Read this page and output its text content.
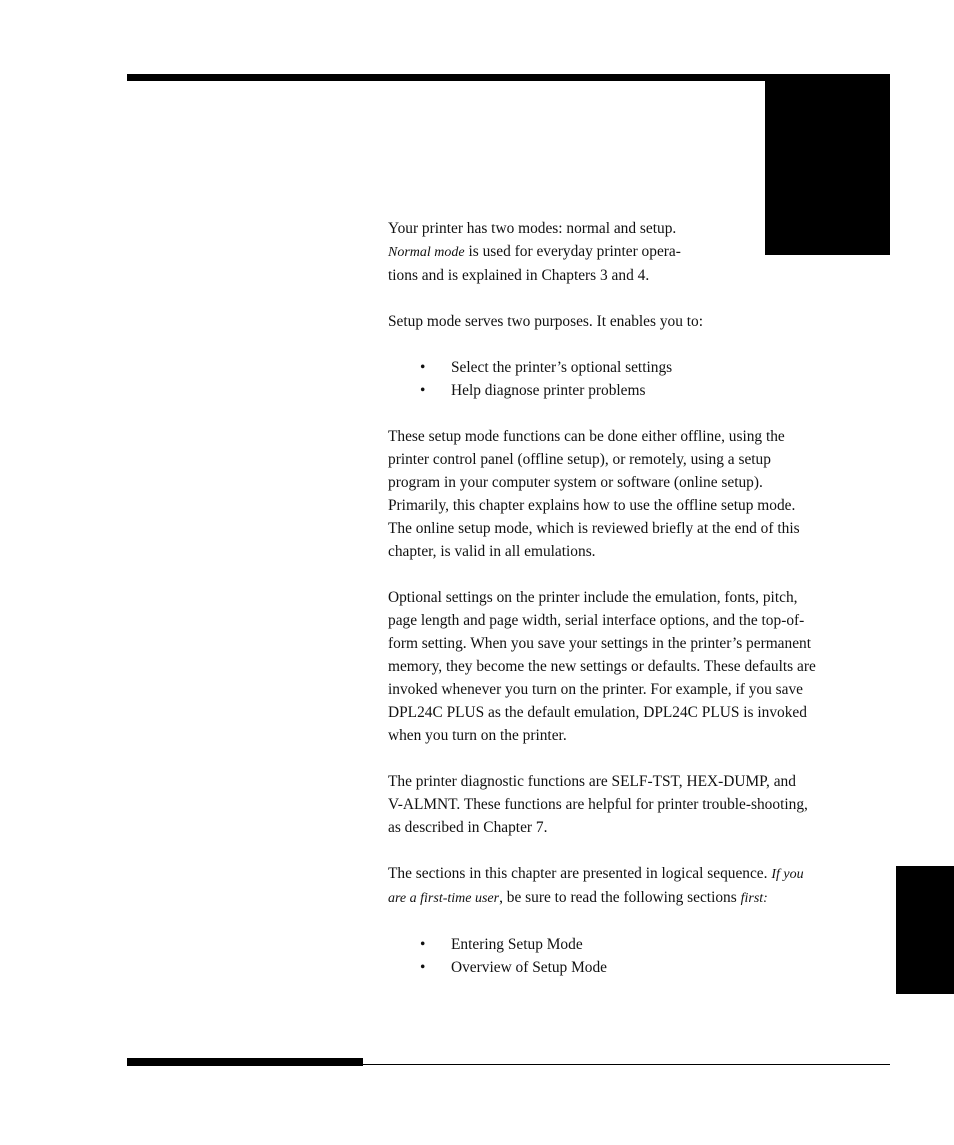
Your printer has two modes: normal and setup.
Normal mode is used for everyday printer opera-
tions and is explained in Chapters 3 and 4.

Setup mode serves two purposes. It enables you to:

• Select the printer’s optional settings
• Help diagnose printer problems

These setup mode functions can be done either offline, using the
printer control panel (offline setup), or remotely, using a setup
program in your computer system or software (online setup).
Primarily, this chapter explains how to use the offline setup mode.
The online setup mode, which is reviewed briefly at the end of this
chapter, is valid in all emulations.

Optional settings on the printer include the emulation, fonts, pitch,
page length and page width, serial interface options, and the top-of-
form setting. When you save your settings in the printer’s permanent
memory, they become the new settings or defaults. These defaults are
invoked whenever you turn on the printer. For example, if you save
DPL24C PLUS as the default emulation, DPL24C PLUS is invoked
when you turn on the printer.

The printer diagnostic functions are SELF-TST, HEX-DUMP, and
V-ALMNT. These functions are helpful for printer trouble-shooting,
as described in Chapter 7.

The sections in this chapter are presented in logical sequence. If you
are a first-time user, be sure to read the following sections first:

• Entering Setup Mode
• Overview of Setup Mode
